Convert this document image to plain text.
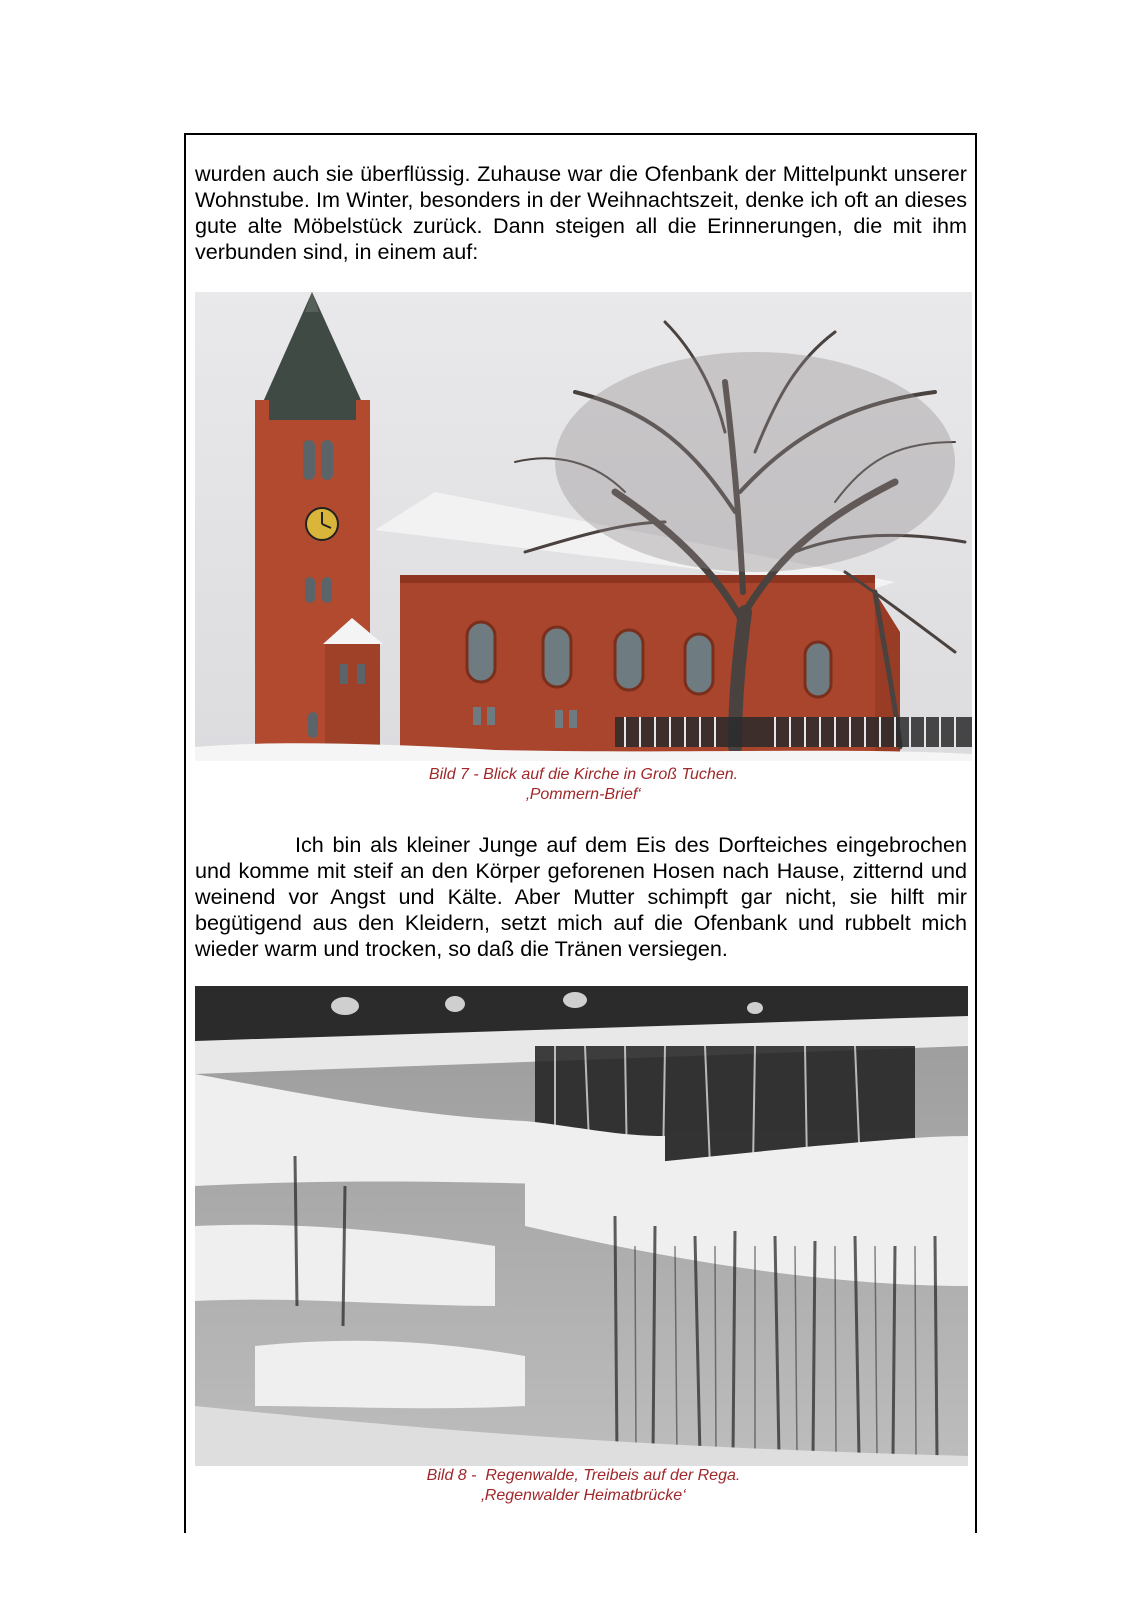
wurden auch sie überflüssig. Zuhause war die Ofenbank der Mittelpunkt unserer Wohnstube. Im Winter, besonders in der Weihnachtszeit, denke ich oft an dieses gute alte Möbelstück zurück. Dann steigen all die Erinnerungen, die mit ihm verbunden sind, in einem auf:

Bild 7 - Blick auf die Kirche in Groß Tuchen.
‚Pommern-Brief‘

Ich bin als kleiner Junge auf dem Eis des Dorfteiches eingebrochen und komme mit steif an den Körper geforenen Hosen nach Hause, zitternd und weinend vor Angst und Kälte. Aber Mutter schimpft gar nicht, sie hilft mir begütigend aus den Kleidern, setzt mich auf die Ofenbank und rubbelt mich wieder warm und trocken, so daß die Tränen versiegen.

Bild 8 -  Regenwalde, Treibeis auf der Rega.
‚Regenwalder Heimatbrücke‘
